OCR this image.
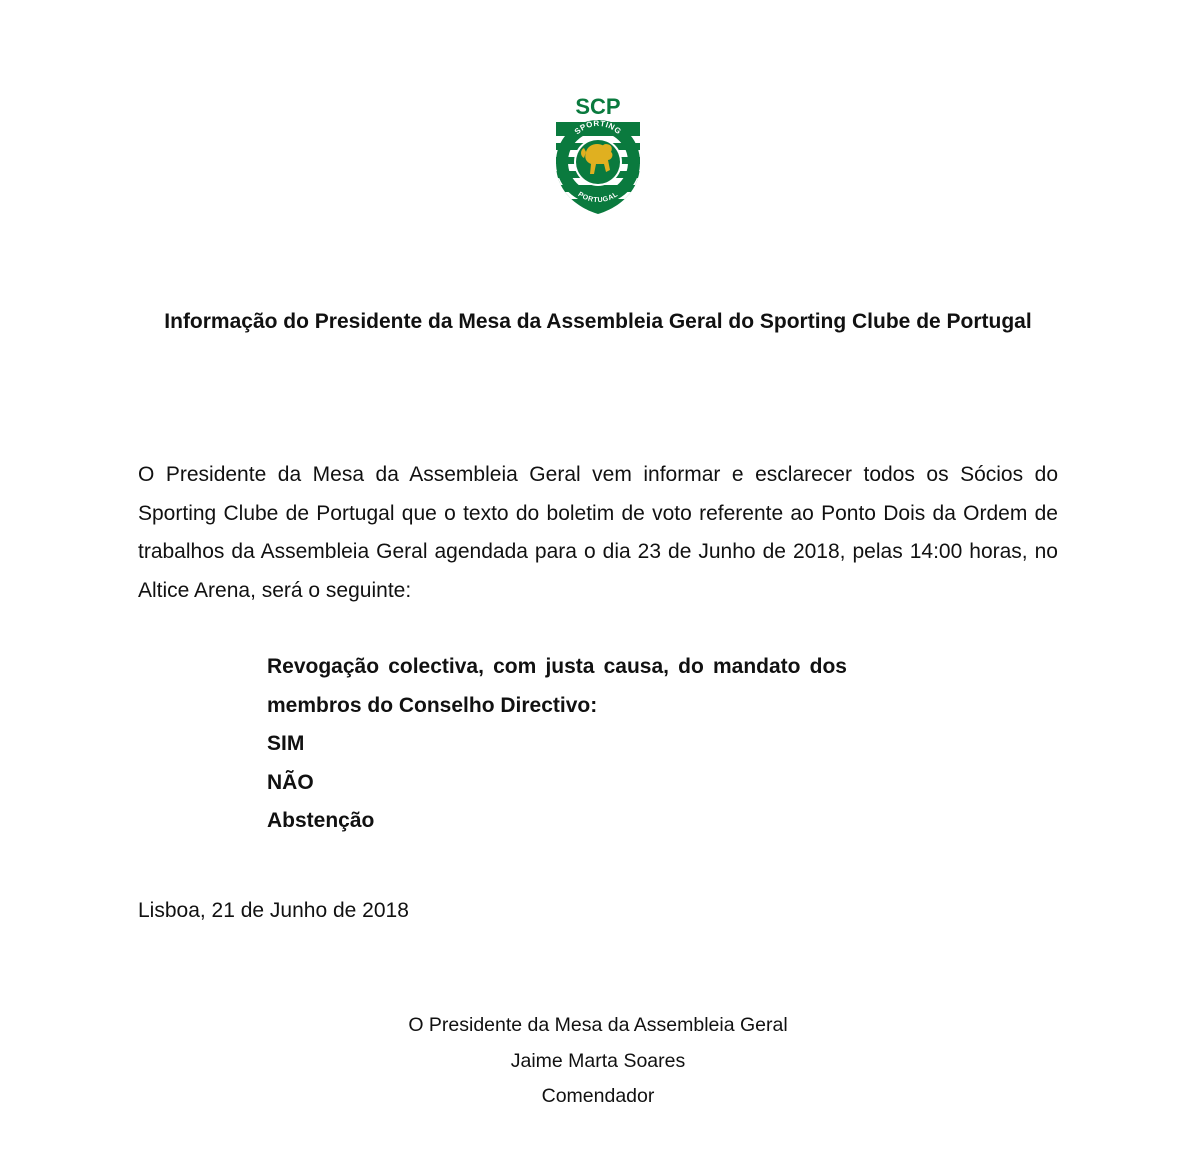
SCP
SPORTING
PORTUGAL
Informação do Presidente da Mesa da Assembleia Geral do Sporting Clube de Portugal

O Presidente da Mesa da Assembleia Geral vem informar e esclarecer todos os Sócios do Sporting Clube de Portugal que o texto do boletim de voto referente ao Ponto Dois da Ordem de trabalhos da Assembleia Geral agendada para o dia 23 de Junho de 2018, pelas 14:00 horas, no Altice Arena, será o seguinte:

Revogação colectiva, com justa causa, do mandato dos membros do Conselho Directivo:

SIM
NÃO
Abstenção

Lisboa, 21 de Junho de 2018

O Presidente da Mesa da Assembleia Geral
Jaime Marta Soares
Comendador
